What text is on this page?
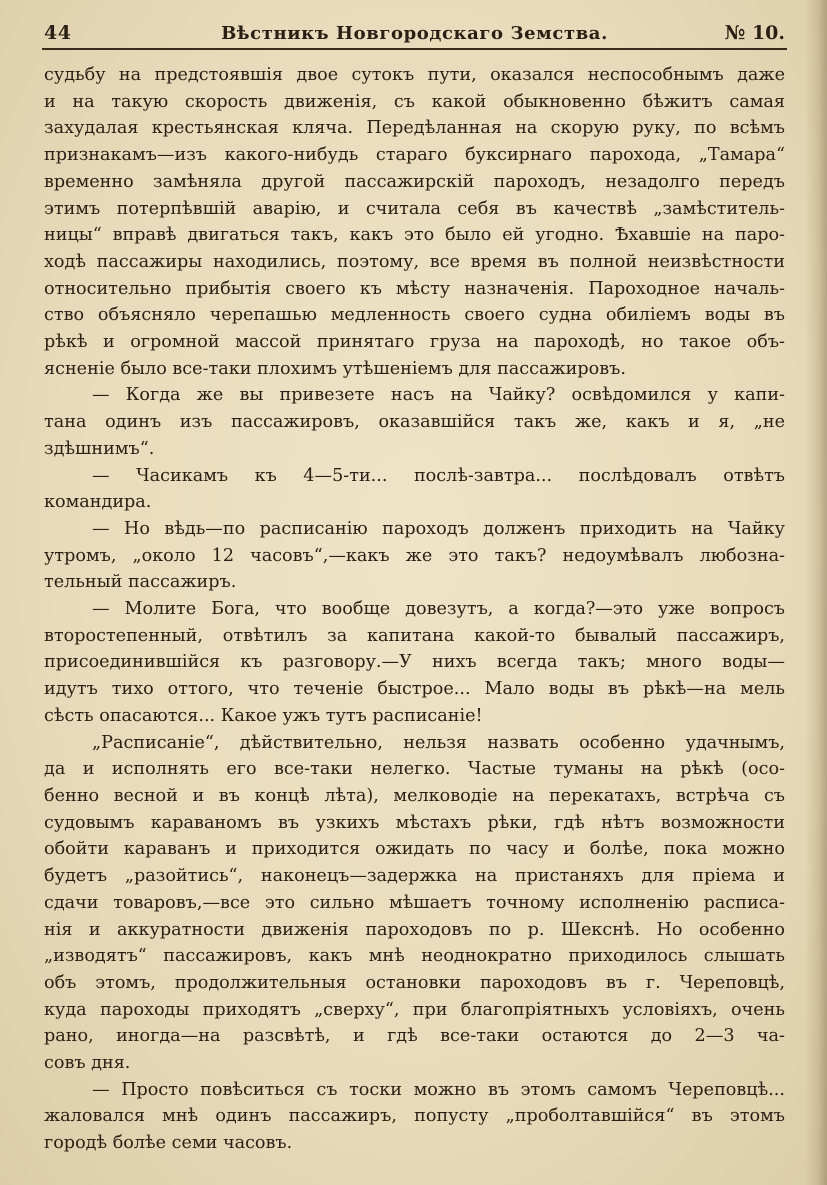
44	Вѣстникъ Новгородскаго Земства.	№ 10.
судьбу на предстоявшія двое сутокъ пути, оказался неспособнымъ даже
и на такую скорость движенія, съ какой обыкновенно бѣжитъ самая
захудалая крестьянская кляча. Передѣланная на скорую руку, по всѣмъ
признакамъ—изъ какого-нибудь стараго буксирнаго парохода, „Тамара“
временно замѣняла другой пассажирскій пароходъ, незадолго передъ
этимъ потерпѣвшій аварію, и считала себя въ качествѣ „замѣститель-
ницы“ вправѣ двигаться такъ, какъ это было ей угодно. Ѣхавшіе на паро-
ходѣ пассажиры находились, поэтому, все время въ полной неизвѣстности
относительно прибытія своего къ мѣсту назначенія. Пароходное началь-
ство объясняло черепашью медленность своего судна обиліемъ воды въ
рѣкѣ и огромной массой принятаго груза на пароходѣ, но такое объ-
ясненіе было все-таки плохимъ утѣшеніемъ для пассажировъ.
— Когда же вы привезете насъ на Чайку? освѣдомился у капи-
тана одинъ изъ пассажировъ, оказавшійся такъ же, какъ и я, „не
здѣшнимъ“.
— Часикамъ къ 4—5-ти... послѣ-завтра... послѣдовалъ отвѣтъ
командира.
— Но вѣдь—по расписанію пароходъ долженъ приходить на Чайку
утромъ, „около 12 часовъ“,—какъ же это такъ? недоумѣвалъ любозна-
тельный пассажиръ.
— Молите Бога, что вообще довезутъ, а когда?—это уже вопросъ
второстепенный, отвѣтилъ за капитана какой-то бывалый пассажиръ,
присоединившійся къ разговору.—У нихъ всегда такъ; много воды—
идутъ тихо оттого, что теченіе быстрое... Мало воды въ рѣкѣ—на мель
сѣсть опасаются... Какое ужъ тутъ расписаніе!
„Расписаніе“, дѣйствительно, нельзя назвать особенно удачнымъ,
да и исполнять его все-таки нелегко. Частые туманы на рѣкѣ (осо-
бенно весной и въ концѣ лѣта), мелководіе на перекатахъ, встрѣча съ
судовымъ караваномъ въ узкихъ мѣстахъ рѣки, гдѣ нѣтъ возможности
обойти караванъ и приходится ожидать по часу и болѣе, пока можно
будетъ „разойтись“, наконецъ—задержка на пристаняхъ для пріема и
сдачи товаровъ,—все это сильно мѣшаетъ точному исполненію расписа-
нія и аккуратности движенія пароходовъ по р. Шекснѣ. Но особенно
„изводятъ“ пассажировъ, какъ мнѣ неоднократно приходилось слышать
объ этомъ, продолжительныя остановки пароходовъ въ г. Череповцѣ,
куда пароходы приходятъ „сверху“, при благопріятныхъ условіяхъ, очень
рано, иногда—на разсвѣтѣ, и гдѣ все-таки остаются до 2—3 ча-
совъ дня.
— Просто повѣситься съ тоски можно въ этомъ самомъ Череповцѣ...
жаловался мнѣ одинъ пассажиръ, попусту „проболтавшійся“ въ этомъ
городѣ болѣе семи часовъ.
